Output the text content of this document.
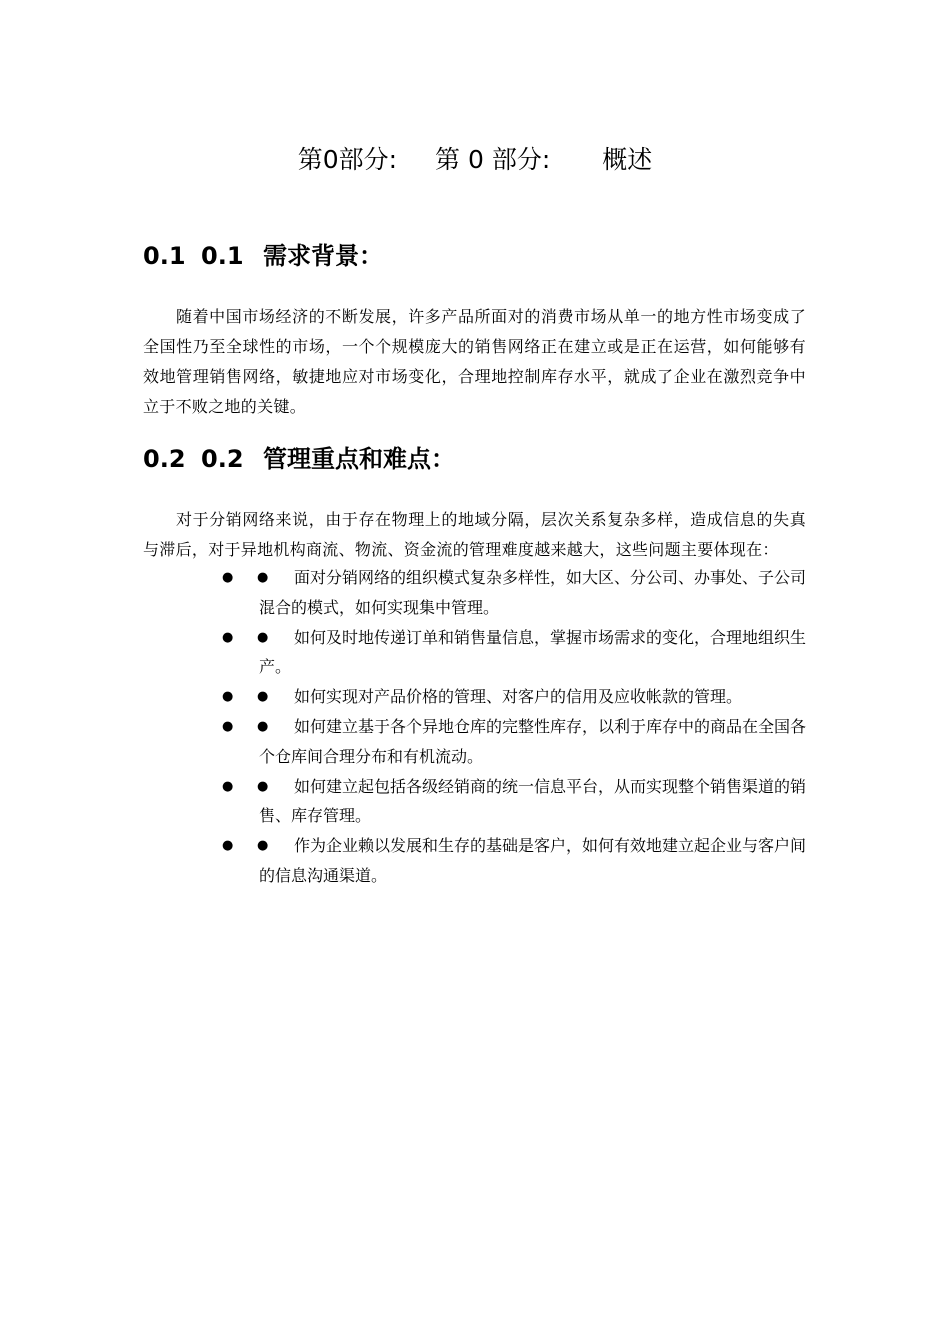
第0部分: 第 0 部分: 概述
0.1 0.1 需求背景：

随着中国市场经济的不断发展，许多产品所面对的消费市场从单一的地方性市场变成了全国性乃至全球性的市场，一个个规模庞大的销售网络正在建立或是正在运营，如何能够有效地管理销售网络，敏捷地应对市场变化，合理地控制库存水平，就成了企业在激烈竞争中立于不败之地的关键。

0.2 0.2 管理重点和难点：

对于分销网络来说，由于存在物理上的地域分隔，层次关系复杂多样，造成信息的失真与滞后，对于异地机构商流、物流、资金流的管理难度越来越大，这些问题主要体现在：

● ●	面对分销网络的组织模式复杂多样性，如大区、分公司、办事处、子公司混合的模式，如何实现集中管理。
● ●	如何及时地传递订单和销售量信息，掌握市场需求的变化，合理地组织生产。
● ●	如何实现对产品价格的管理、对客户的信用及应收帐款的管理。
● ●	如何建立基于各个异地仓库的完整性库存，以利于库存中的商品在全国各个仓库间合理分布和有机流动。
● ●	如何建立起包括各级经销商的统一信息平台，从而实现整个销售渠道的销售、库存管理。
● ●	作为企业赖以发展和生存的基础是客户，如何有效地建立起企业与客户间的信息沟通渠道。
